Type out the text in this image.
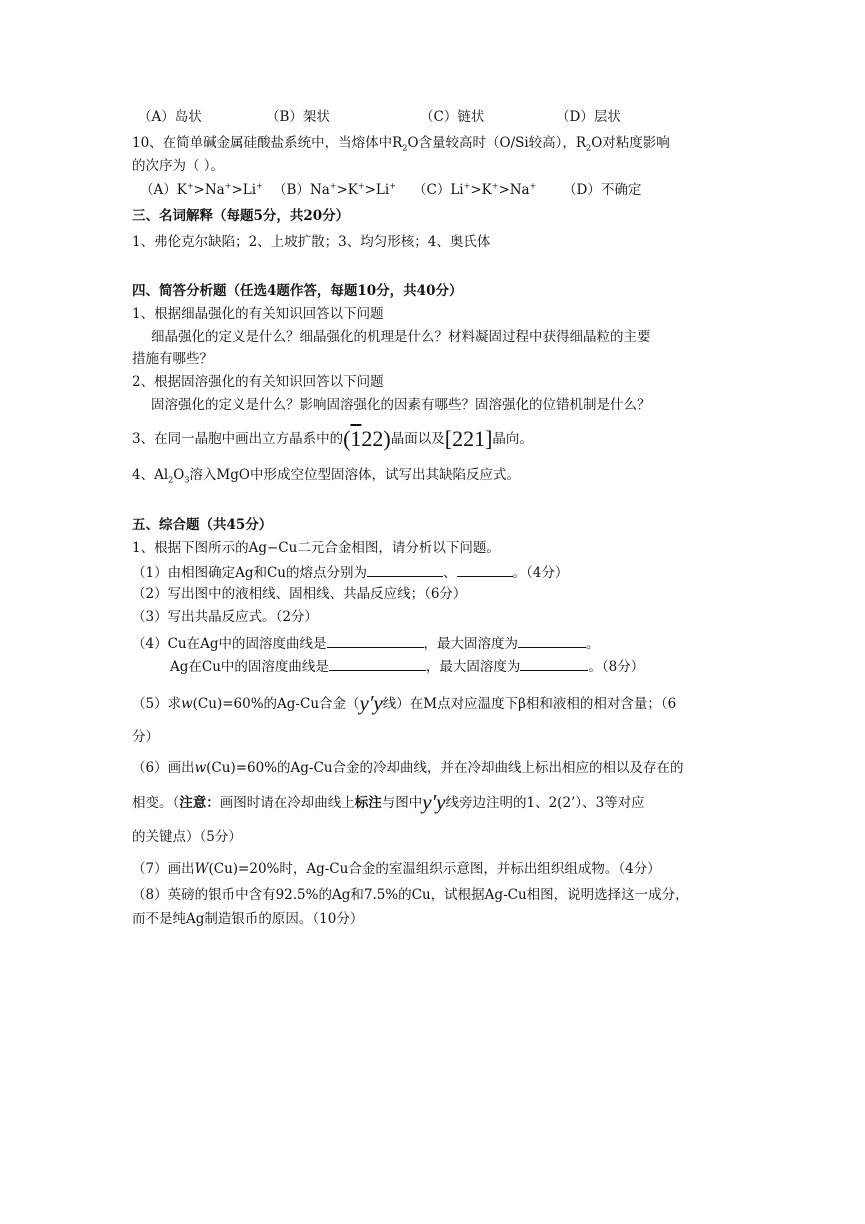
（A）岛状	（B）架状	（C）链状	（D）层状
10、在简单碱金属硅酸盐系统中，当熔体中$R_2O$含量较高时（O/Si较高），$R_2O$对粘度影响
的次序为（ ）。
（A）K+>Na+>Li+ （B）Na+>K+>Li+ （C）Li+>K+>Na+ （D）不确定
三、名词解释（每题5分，共20分）
1、弗伦克尔缺陷；2、上坡扩散；3、均匀形核；4、奥氏体
四、简答分析题（任选4题作答，每题10分，共40分）
1、根据细晶强化的有关知识回答以下问题
细晶强化的定义是什么？细晶强化的机理是什么？材料凝固过程中获得细晶粒的主要
措施有哪些？
2、根据固溶强化的有关知识回答以下问题
固溶强化的定义是什么？影响固溶强化的因素有哪些？固溶强化的位错机制是什么？
3、在同一晶胞中画出立方晶系中的(122)晶面以及[221]晶向。
4、$Al_2O_3$溶入MgO中形成空位型固溶体，试写出其缺陷反应式。
五、综合题（共45分）
1、根据下图所示的Ag−Cu二元合金相图，请分析以下问题。
（1）由相图确定Ag和Cu的熔点分别为	、	。（4分）
（2）写出图中的液相线、固相线、共晶反应线；（6分）
（3）写出共晶反应式。（2分）
（4）Cu在Ag中的固溶度曲线是	，最大固溶度为	。
Ag在Cu中的固溶度曲线是	，最大固溶度为	。（8分）
（5）求w(Cu)=60%的Ag-Cu合金（y′y线）在M点对应温度下β相和液相的相对含量；（6
分）
（6）画出w(Cu)=60%的Ag-Cu合金的冷却曲线，并在冷却曲线上标出相应的相以及存在的
相变。（注意：画图时请在冷却曲线上标注与图中y′y线旁边注明的1、2(2’）、3等对应
的关键点）（5分）
（7）画出W(Cu)=20%时，Ag-Cu合金的室温组织示意图，并标出组织组成物。（4分）
（8）英磅的银币中含有92.5%的Ag和7.5%的Cu，试根据Ag-Cu相图，说明选择这一成分，
而不是纯Ag制造银币的原因。（10分）
